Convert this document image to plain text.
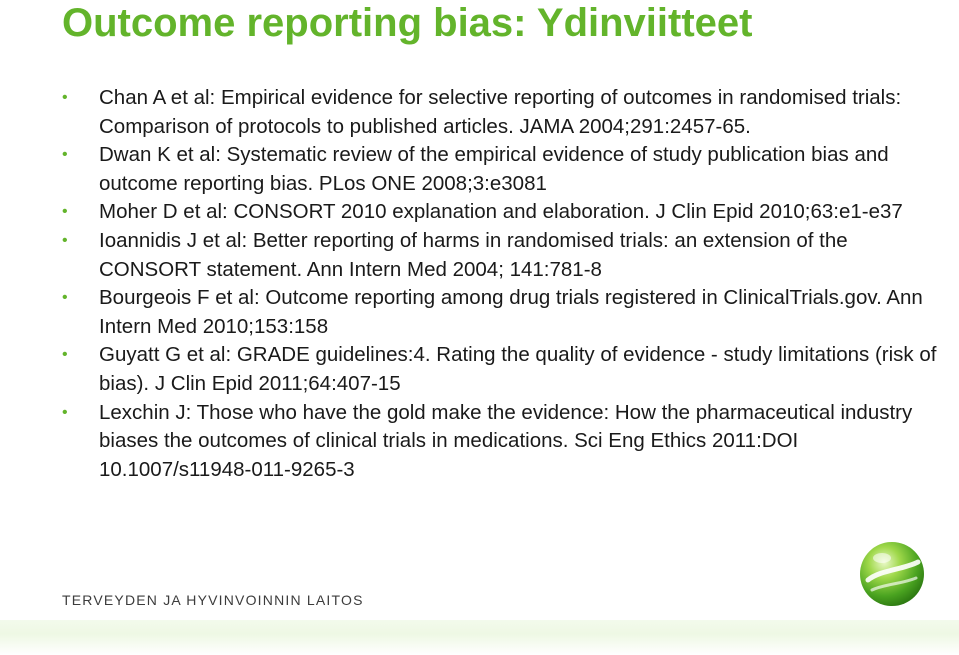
Outcome reporting bias: Ydinviitteet
• Chan A et al: Empirical evidence for selective reporting of outcomes in randomised trials: Comparison of protocols to published articles. JAMA 2004;291:2457-65.
• Dwan K et al: Systematic review of the empirical evidence of study publication bias and outcome reporting bias. PLos ONE 2008;3:e3081
• Moher D et al: CONSORT 2010 explanation and elaboration. J Clin Epid 2010;63:e1-e37
• Ioannidis J et al: Better reporting of harms in randomised trials: an extension of the CONSORT statement. Ann Intern Med 2004; 141:781-8
• Bourgeois F et al: Outcome reporting among drug trials registered in ClinicalTrials.gov. Ann Intern Med 2010;153:158
• Guyatt G et al: GRADE guidelines:4. Rating the quality of evidence - study limitations (risk of bias). J Clin Epid 2011;64:407-15
• Lexchin J: Those who have the gold make the evidence: How the pharmaceutical industry biases the outcomes of clinical trials in medications. Sci Eng Ethics 2011:DOI 10.1007/s11948-011-9265-3
TERVEYDEN JA HYVINVOINNIN LAITOS
